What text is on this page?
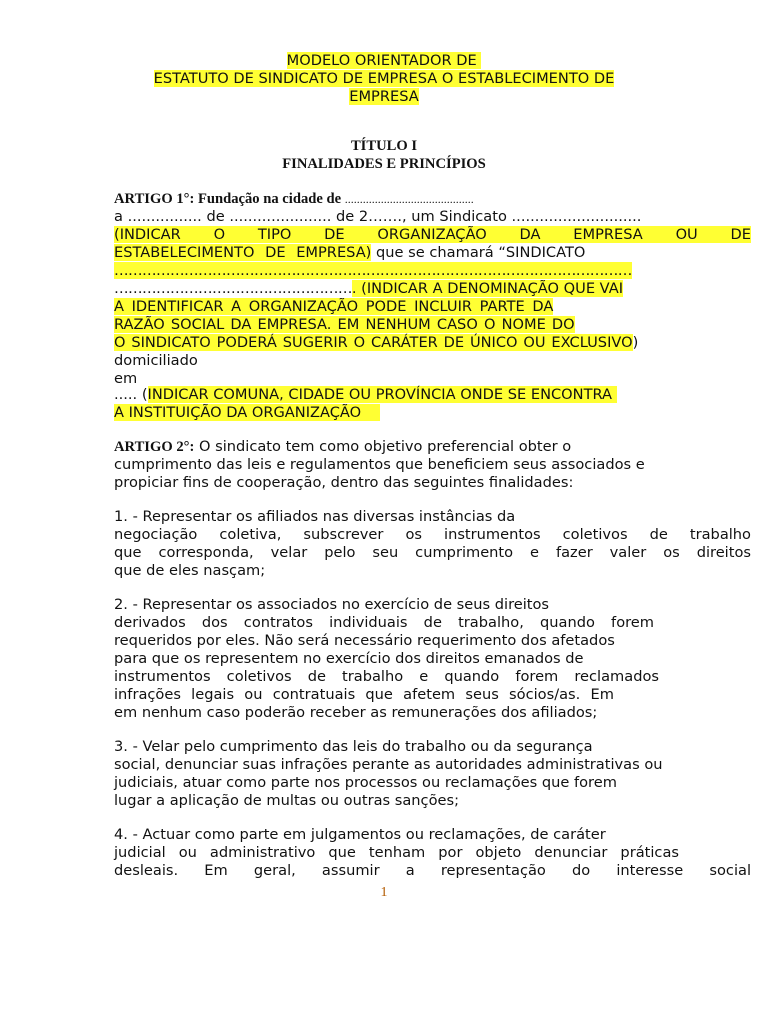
MODELO ORIENTADOR DE
ESTATUTO DE SINDICATO DE EMPRESA O ESTABLECIMENTO DE
EMPRESA
TÍTULO I
FINALIDADES E PRINCÍPIOS
ARTIGO 1°: Fundação na cidade de ...........................................
a ................ de ...................... de 2……., um Sindicato ............................
(INDICAR O TIPO DE ORGANIZAÇÃO DA EMPRESA OU DE
ESTABELECIMENTO DE EMPRESA) que se chamará “SINDICATO
…………………………………………………………………………………………………
……………………………………………. (INDICAR A DENOMINAÇÃO QUE VAI
A IDENTIFICAR A ORGANIZAÇÃO PODE INCLUIR PARTE DA
RAZÃO SOCIAL DA EMPRESA. EM NENHUM CASO O NOME DO
O SINDICATO PODERÁ SUGERIR O CARÁTER DE ÚNICO OU EXCLUSIVO)
domiciliado
em
..... (INDICAR COMUNA, CIDADE OU PROVÍNCIA ONDE SE ENCONTRA
A INSTITUIÇÃO DA ORGANIZAÇÃO
ARTIGO 2°: O sindicato tem como objetivo preferencial obter o
cumprimento das leis e regulamentos que beneficiem seus associados e
propiciar fins de cooperação, dentro das seguintes finalidades:
1. - Representar os afiliados nas diversas instâncias da
negociação coletiva, subscrever os instrumentos coletivos de trabalho
que corresponda, velar pelo seu cumprimento e fazer valer os direitos
que de eles nasçam;
2. - Representar os associados no exercício de seus direitos
derivados dos contratos individuais de trabalho, quando forem
requeridos por eles. Não será necessário requerimento dos afetados
para que os representem no exercício dos direitos emanados de
instrumentos coletivos de trabalho e quando forem reclamados
infrações legais ou contratuais que afetem seus sócios/as. Em
em nenhum caso poderão receber as remunerações dos afiliados;
3. - Velar pelo cumprimento das leis do trabalho ou da segurança
social, denunciar suas infrações perante as autoridades administrativas ou
judiciais, atuar como parte nos processos ou reclamações que forem
lugar a aplicação de multas ou outras sanções;
4. - Actuar como parte em julgamentos ou reclamações, de caráter
judicial ou administrativo que tenham por objeto denunciar práticas
desleais. Em geral, assumir a representação do interesse social
1
